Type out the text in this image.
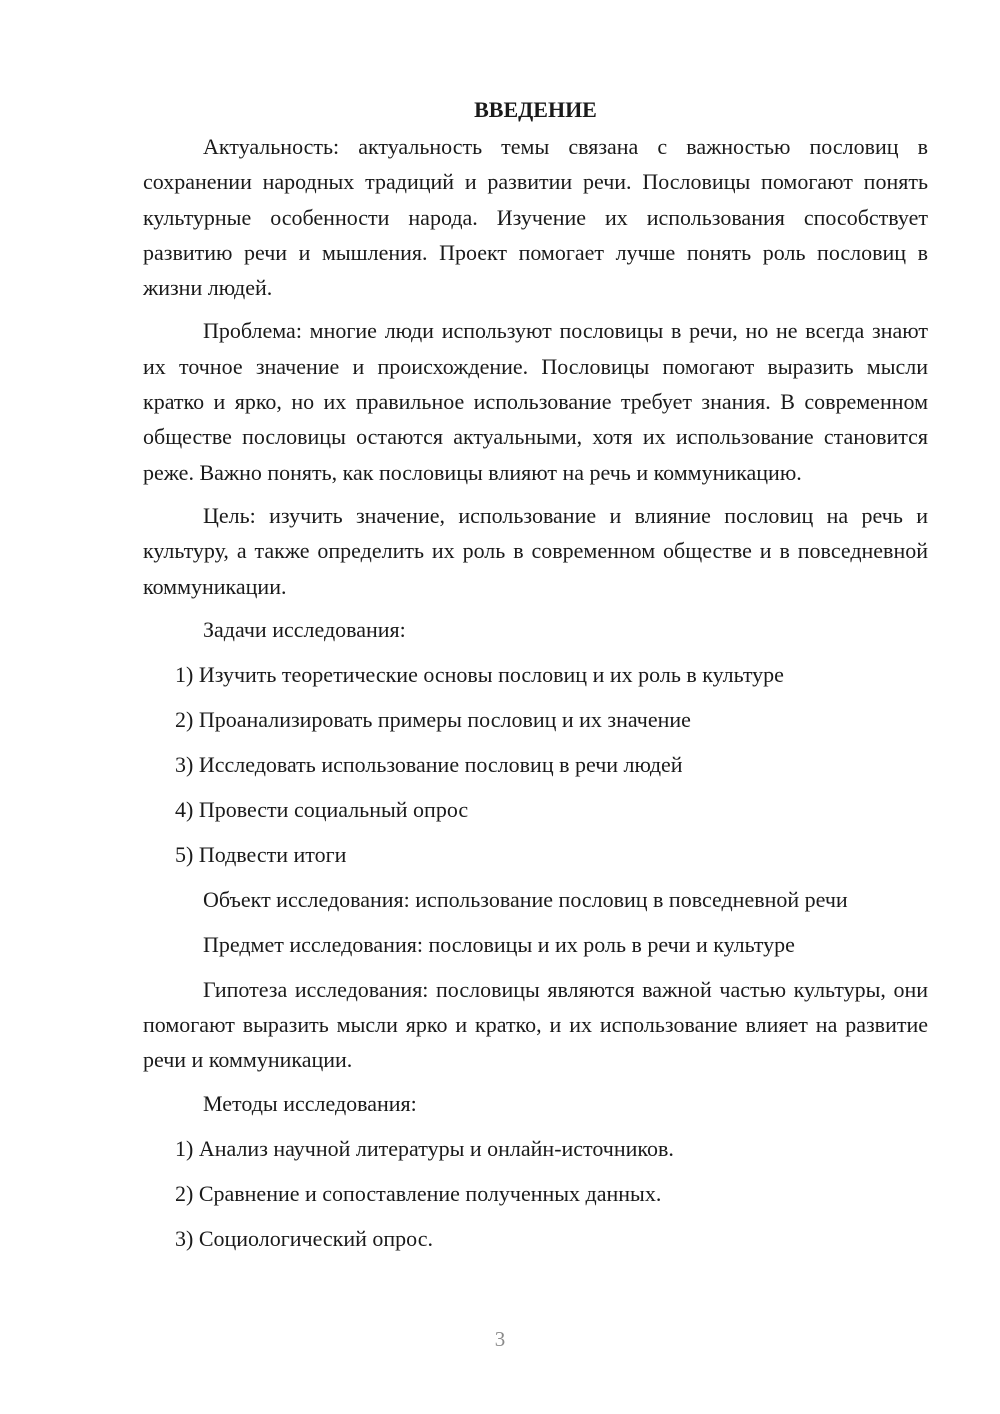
ВВЕДЕНИЕ

Актуальность: актуальность темы связана с важностью пословиц в сохранении народных традиций и развитии речи. Пословицы помогают понять культурные особенности народа. Изучение их использования способствует развитию речи и мышления. Проект помогает лучше понять роль пословиц в жизни людей.

Проблема: многие люди используют пословицы в речи, но не всегда знают их точное значение и происхождение. Пословицы помогают выразить мысли кратко и ярко, но их правильное использование требует знания. В современном обществе пословицы остаются актуальными, хотя их использование становится реже. Важно понять, как пословицы влияют на речь и коммуникацию.

Цель: изучить значение, использование и влияние пословиц на речь и культуру, а также определить их роль в современном обществе и в повседневной коммуникации.

Задачи исследования:
1) Изучить теоретические основы пословиц и их роль в культуре
2) Проанализировать примеры пословиц и их значение
3) Исследовать использование пословиц в речи людей
4) Провести социальный опрос
5) Подвести итоги
Объект исследования: использование пословиц в повседневной речи
Предмет исследования: пословицы и их роль в речи и культуре

Гипотеза исследования: пословицы являются важной частью культуры, они помогают выразить мысли ярко и кратко, и их использование влияет на развитие речи и коммуникации.

Методы исследования:
1) Анализ научной литературы и онлайн-источников.
2) Сравнение и сопоставление полученных данных.
3) Социологический опрос.
3
